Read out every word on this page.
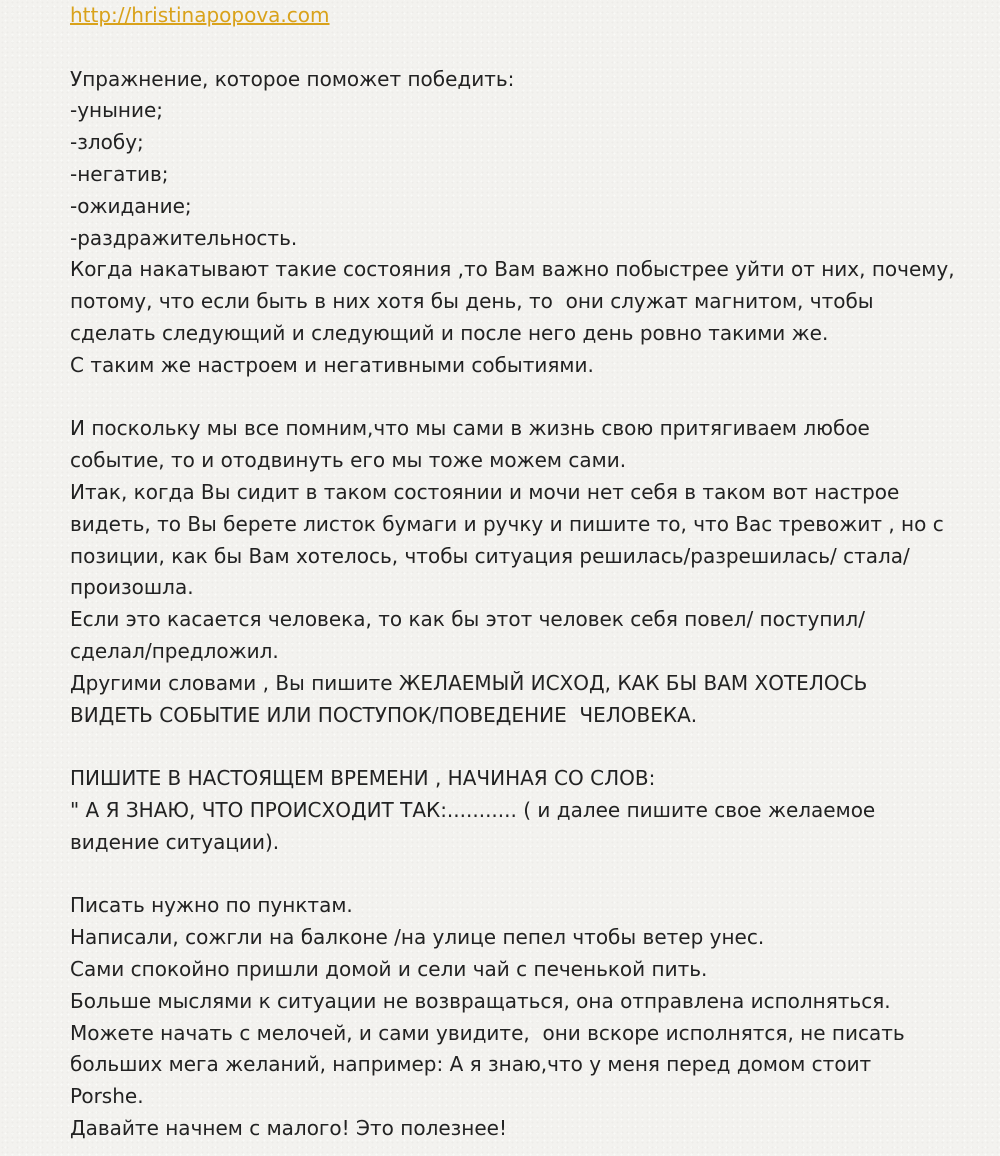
http://hristinapopova.com
Упражнение, которое поможет победить:
-уныние;
-злобу;
-негатив;
-ожидание;
-раздражительность.
Когда накатывают такие состояния ,то Вам важно побыстрее уйти от них, почему,
потому, что если быть в них хотя бы день, то  они служат магнитом, чтобы
сделать следующий и следующий и после него день ровно такими же.
С таким же настроем и негативными событиями.
И поскольку мы все помним,что мы сами в жизнь свою притягиваем любое
событие, то и отодвинуть его мы тоже можем сами.
Итак, когда Вы сидит в таком состоянии и мочи нет себя в таком вот настрое
видеть, то Вы берете листок бумаги и ручку и пишите то, что Вас тревожит , но с
позиции, как бы Вам хотелось, чтобы ситуация решилась/разрешилась/ стала/
произошла.
Если это касается человека, то как бы этот человек себя повел/ поступил/
сделал/предложил.
Другими словами , Вы пишите ЖЕЛАЕМЫЙ ИСХОД, КАК БЫ ВАМ ХОТЕЛОСЬ
ВИДЕТЬ СОБЫТИЕ ИЛИ ПОСТУПОК/ПОВЕДЕНИЕ  ЧЕЛОВЕКА.
ПИШИТЕ В НАСТОЯЩЕМ ВРЕМЕНИ , НАЧИНАЯ СО СЛОВ:
" А Я ЗНАЮ, ЧТО ПРОИСХОДИТ ТАК:........... ( и далее пишите свое желаемое
видение ситуации).
Писать нужно по пунктам.
Написали, сожгли на балконе /на улице пепел чтобы ветер унес.
Сами спокойно пришли домой и сели чай с печенькой пить.
Больше мыслями к ситуации не возвращаться, она отправлена исполняться.
Можете начать с мелочей, и сами увидите,  они вскоре исполнятся, не писать
больших мега желаний, например: А я знаю,что у меня перед домом стоит
Porshe.
Давайте начнем с малого! Это полезнее!
